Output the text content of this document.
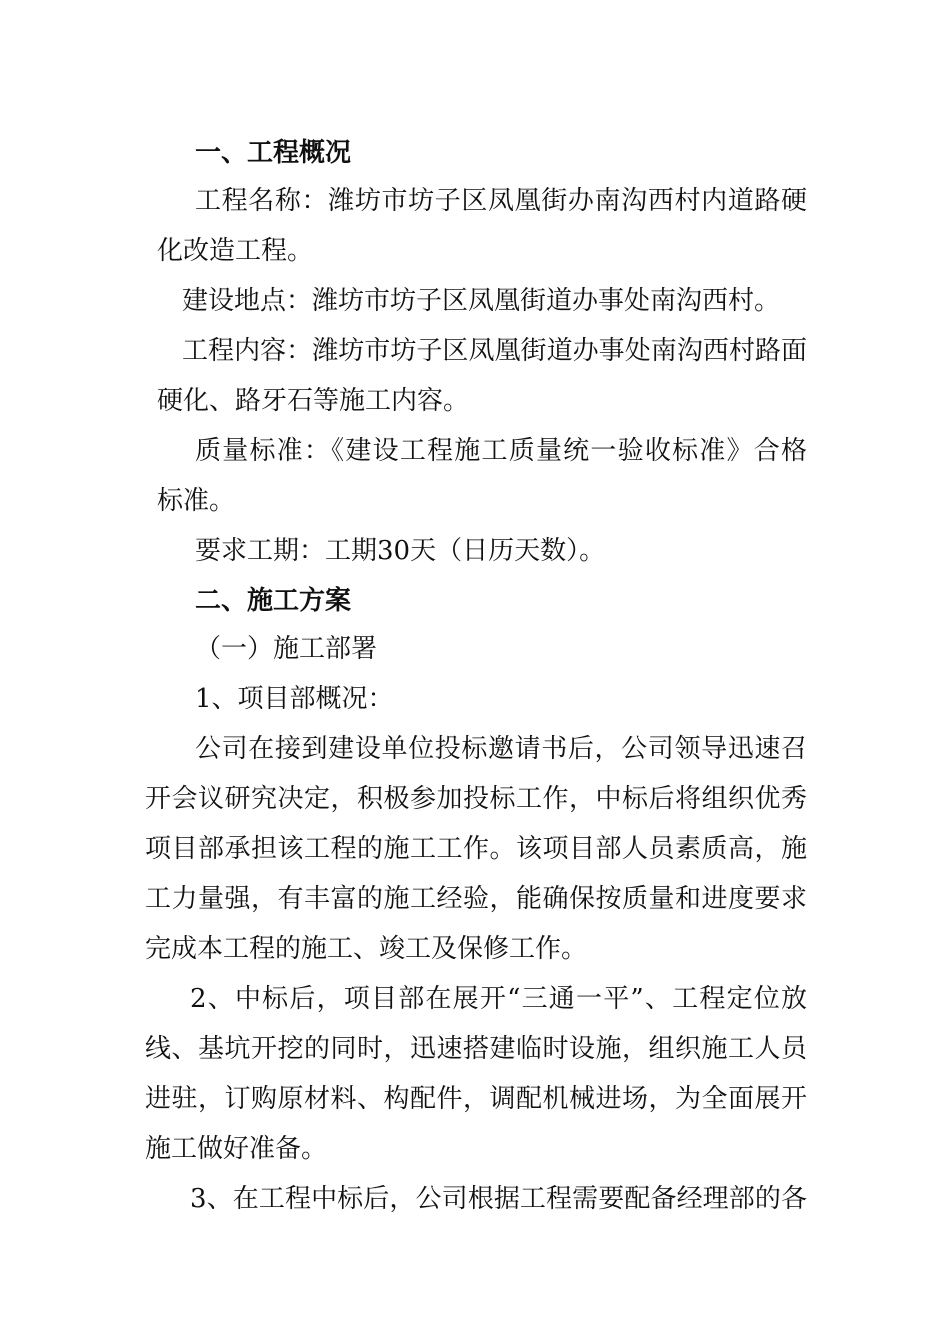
一、工程概况
工程名称：潍坊市坊子区凤凰街办南沟西村内道路硬
化改造工程。
建设地点：潍坊市坊子区凤凰街道办事处南沟西村。
工程内容：潍坊市坊子区凤凰街道办事处南沟西村路面
硬化、路牙石等施工内容。
质量标准：《建设工程施工质量统一验收标准》合格
标准。
要求工期：工期30天（日历天数）。
二、施工方案
（一）施工部署
1、项目部概况：
公司在接到建设单位投标邀请书后，公司领导迅速召
开会议研究决定，积极参加投标工作，中标后将组织优秀
项目部承担该工程的施工工作。该项目部人员素质高，施
工力量强，有丰富的施工经验，能确保按质量和进度要求
完成本工程的施工、竣工及保修工作。
2、中标后，项目部在展开“三通一平”、工程定位放
线、基坑开挖的同时，迅速搭建临时设施，组织施工人员
进驻，订购原材料、构配件，调配机械进场，为全面展开
施工做好准备。
3、在工程中标后，公司根据工程需要配备经理部的各
